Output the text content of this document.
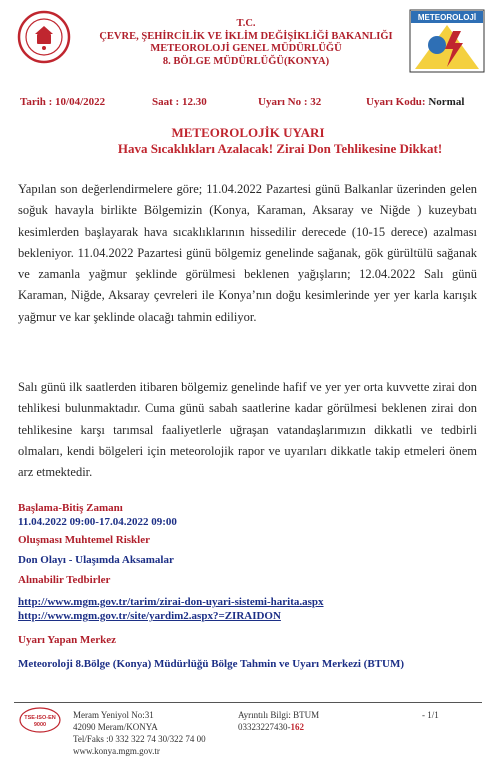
T.C.
ÇEVRE, ŞEHİRCİLİK VE İKLİM DEĞİŞİKLİĞİ BAKANLIĞI
METEOROLOJİ GENEL MÜDÜRLÜĞÜ
8. BÖLGE MÜDÜRLÜĞÜ(KONYA)
METEOROLOJİ
Tarih : 10/04/2022	Saat : 12.30	Uyarı No : 32	Uyarı Kodu: Normal
METEOROLOJİK UYARI
Hava Sıcaklıkları Azalacak! Zirai Don Tehlikesine Dikkat!
Yapılan son değerlendirmelere göre; 11.04.2022 Pazartesi günü Balkanlar üzerinden gelen soğuk havayla birlikte Bölgemizin (Konya, Karaman, Aksaray ve Niğde ) kuzeybatı kesimlerden başlayarak hava sıcaklıklarının hissedilir derecede (10-15 derece) azalması bekleniyor. 11.04.2022 Pazartesi günü bölgemiz genelinde sağanak, gök gürültülü sağanak ve zamanla yağmur şeklinde görülmesi beklenen yağışların; 12.04.2022 Salı günü Karaman, Niğde, Aksaray çevreleri ile Konya’nın doğu kesimlerinde yer yer karla karışık yağmur ve kar şeklinde olacağı tahmin ediliyor.
Salı günü ilk saatlerden itibaren bölgemiz genelinde hafif ve yer yer orta kuvvette zirai don tehlikesi bulunmaktadır. Cuma günü sabah saatlerine kadar görülmesi beklenen zirai don tehlikesine karşı tarımsal faaliyetlerle uğraşan vatandaşlarımızın dikkatli ve tedbirli olmaları, kendi bölgeleri için meteorolojik rapor ve uyarıları dikkatle takip etmeleri önem arz etmektedir.
Başlama-Bitiş Zamanı
11.04.2022 09:00-17.04.2022 09:00
Oluşması Muhtemel Riskler
Don Olayı - Ulaşımda Aksamalar
Alınabilir Tedbirler
http://www.mgm.gov.tr/tarim/zirai-don-uyari-sistemi-harita.aspx
http://www.mgm.gov.tr/site/yardim2.aspx?=ZIRAIDON
Uyarı Yapan Merkez
Meteoroloji 8.Bölge (Konya) Müdürlüğü Bölge Tahmin ve Uyarı Merkezi (BTUM)
TSE-ISO-EN
9000
Meram Yeniyol No:31
42090 Meram/KONYA
Tel/Faks :0 332 322 74 30/322 74 00
www.konya.mgm.gov.tr
Ayrıntılı Bilgi: BTUM
03323227430-162
- 1/1
